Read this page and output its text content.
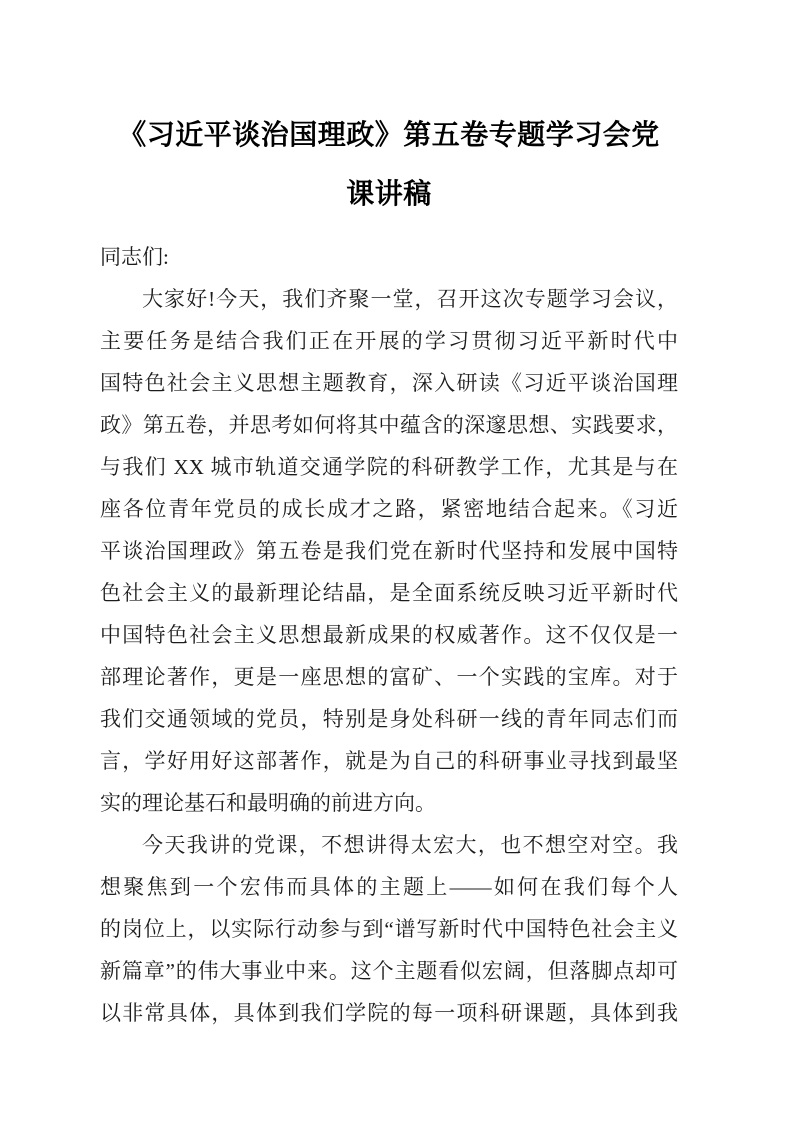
《习近平谈治国理政》第五卷专题学习会党
课讲稿
同志们:
大家好!今天，我们齐聚一堂，召开这次专题学习会议，
主要任务是结合我们正在开展的学习贯彻习近平新时代中
国特色社会主义思想主题教育，深入研读《习近平谈治国理
政》第五卷，并思考如何将其中蕴含的深邃思想、实践要求，
与我们 XX 城市轨道交通学院的科研教学工作，尤其是与在
座各位青年党员的成长成才之路，紧密地结合起来。《习近
平谈治国理政》第五卷是我们党在新时代坚持和发展中国特
色社会主义的最新理论结晶，是全面系统反映习近平新时代
中国特色社会主义思想最新成果的权威著作。这不仅仅是一
部理论著作，更是一座思想的富矿、一个实践的宝库。对于
我们交通领域的党员，特别是身处科研一线的青年同志们而
言，学好用好这部著作，就是为自己的科研事业寻找到最坚
实的理论基石和最明确的前进方向。
今天我讲的党课，不想讲得太宏大，也不想空对空。我
想聚焦到一个宏伟而具体的主题上——如何在我们每个人
的岗位上，以实际行动参与到“谱写新时代中国特色社会主义
新篇章”的伟大事业中来。这个主题看似宏阔，但落脚点却可
以非常具体，具体到我们学院的每一项科研课题，具体到我
